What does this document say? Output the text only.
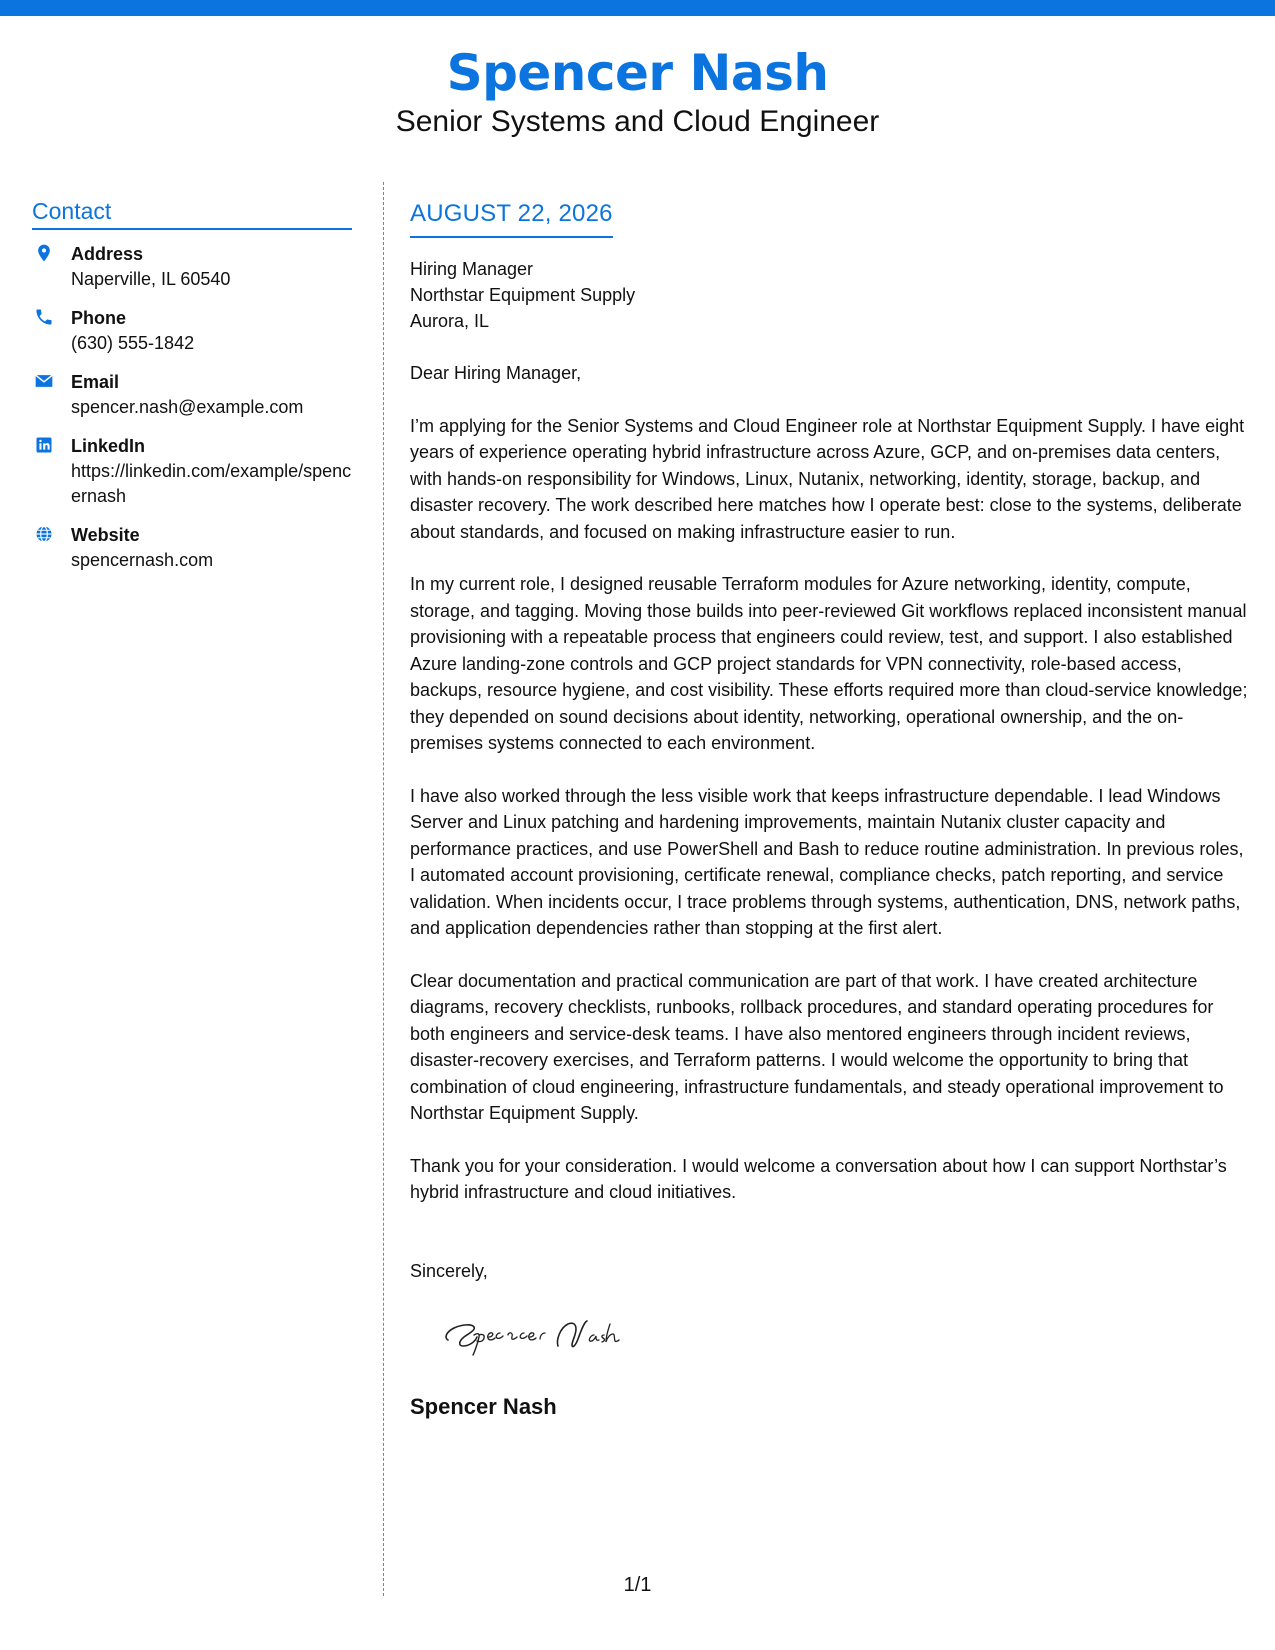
Spencer Nash
Senior Systems and Cloud Engineer
Contact
Address
Naperville, IL 60540
Phone
(630) 555-1842
Email
spencer.nash@example.com
LinkedIn
https://linkedin.com/example/spencernash
Website
spencernash.com
AUGUST 22, 2026
Hiring Manager
Northstar Equipment Supply
Aurora, IL
Dear Hiring Manager,

I’m applying for the Senior Systems and Cloud Engineer role at Northstar Equipment Supply. I have eight years of experience operating hybrid infrastructure across Azure, GCP, and on-premises data centers, with hands-on responsibility for Windows, Linux, Nutanix, networking, identity, storage, backup, and disaster recovery. The work described here matches how I operate best: close to the systems, deliberate about standards, and focused on making infrastructure easier to run.

In my current role, I designed reusable Terraform modules for Azure networking, identity, compute, storage, and tagging. Moving those builds into peer-reviewed Git workflows replaced inconsistent manual provisioning with a repeatable process that engineers could review, test, and support. I also established Azure landing-zone controls and GCP project standards for VPN connectivity, role-based access, backups, resource hygiene, and cost visibility. These efforts required more than cloud-service knowledge; they depended on sound decisions about identity, networking, operational ownership, and the on-premises systems connected to each environment.

I have also worked through the less visible work that keeps infrastructure dependable. I lead Windows Server and Linux patching and hardening improvements, maintain Nutanix cluster capacity and performance practices, and use PowerShell and Bash to reduce routine administration. In previous roles, I automated account provisioning, certificate renewal, compliance checks, patch reporting, and service validation. When incidents occur, I trace problems through systems, authentication, DNS, network paths, and application dependencies rather than stopping at the first alert.

Clear documentation and practical communication are part of that work. I have created architecture diagrams, recovery checklists, runbooks, rollback procedures, and standard operating procedures for both engineers and service-desk teams. I have also mentored engineers through incident reviews, disaster-recovery exercises, and Terraform patterns. I would welcome the opportunity to bring that combination of cloud engineering, infrastructure fundamentals, and steady operational improvement to Northstar Equipment Supply.

Thank you for your consideration. I would welcome a conversation about how I can support Northstar’s hybrid infrastructure and cloud initiatives.

Sincerely,
Spencer Nash
1/1
